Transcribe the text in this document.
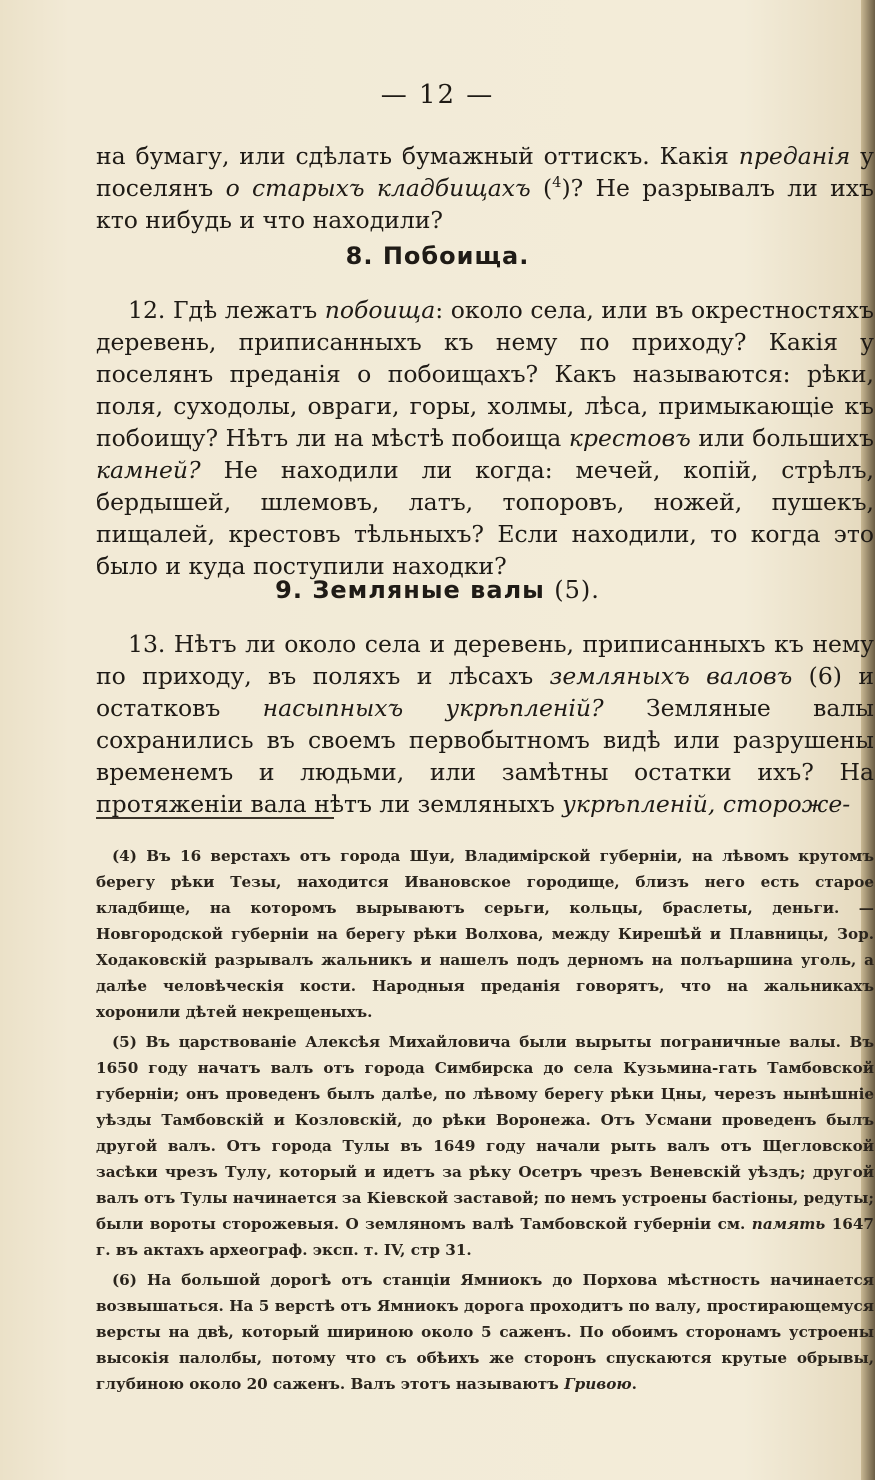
— 12 —

на бумагу, или сдѣлать бумажный оттискъ. Какія преданія у поселянъ о старыхъ кладбищахъ ($^4$)? Не разрывалъ ли ихъ кто нибудь и что находили?

8. Побоища.

12. Гдѣ лежатъ побоища: около села, или въ окрестностяхъ деревень, приписанныхъ къ нему по приходу? Какія у поселянъ преданія о побоищахъ? Какъ называются: рѣки, поля, суходолы, овраги, горы, холмы, лѣса, примыкающіе къ побоищу? Нѣтъ ли на мѣстѣ побоища крестовъ или большихъ камней? Не находили ли когда: мечей, копій, стрѣлъ, бердышей, шлемовъ, латъ, топоровъ, ножей, пушекъ, пищалей, крестовъ тѣльныхъ? Если находили, то когда это было и куда поступили находки?

9. Земляные валы (5).

13. Нѣтъ ли около села и деревень, приписанныхъ къ нему по приходу, въ поляхъ и лѣсахъ земляныхъ валовъ (6) и остатковъ насыпныхъ укрѣпленій? Земляные валы сохранились въ своемъ первобытномъ видѣ или разрушены временемъ и людьми, или замѣтны остатки ихъ? На протяженіи вала нѣтъ ли земляныхъ укрѣпленій, стороже-

(4) Въ 16 верстахъ отъ города Шуи, Владимірской губерніи, на лѣвомъ крутомъ берегу рѣки Тезы, находится Ивановское городище, близъ него есть старое кладбище, на которомъ вырываютъ серьги, кольцы, браслеты, деньги. — Новгородской губерніи на берегу рѣки Волхова, между Кирешѣй и Плавницы, Зор. Ходаковскій разрывалъ жальникъ и нашелъ подъ дерномъ на полъаршина уголь, а далѣе человѣческія кости. Народныя преданія говорятъ, что на жальникахъ хоронили дѣтей некрещеныхъ.

(5) Въ царствованіе Алексѣя Михайловича были вырыты пограничные валы. Въ 1650 году начатъ валъ отъ города Симбирска до села Кузьмина-гать Тамбовской губерніи; онъ проведенъ былъ далѣе, по лѣвому берегу рѣки Цны, черезъ нынѣшніе уѣзды Тамбовскій и Козловскій, до рѣки Воронежа. Отъ Усмани проведенъ былъ другой валъ. Отъ города Тулы въ 1649 году начали рыть валъ отъ Щегловской засѣки чрезъ Тулу, который и идетъ за рѣку Осетръ чрезъ Веневскій уѣздъ; другой валъ отъ Тулы начинается за Кіевской заставой; по немъ устроены бастіоны, редуты; были вороты сторожевыя. О земляномъ валѣ Тамбовской губерніи см. память 1647 г. въ актахъ археограф. эксп. т. IV, стр 31.

(6) На большой дорогѣ отъ станціи Ямниокъ до Порхова мѣстность начинается возвышаться. На 5 верстѣ отъ Ямниокъ дорога проходитъ по валу, простирающемуся версты на двѣ, который шириною около 5 саженъ. По обоимъ сторонамъ устроены высокія палолбы, потому что съ обѣихъ же сторонъ спускаются крутые обрывы, глубиною около 20 саженъ. Валъ этотъ называютъ Гривою.
